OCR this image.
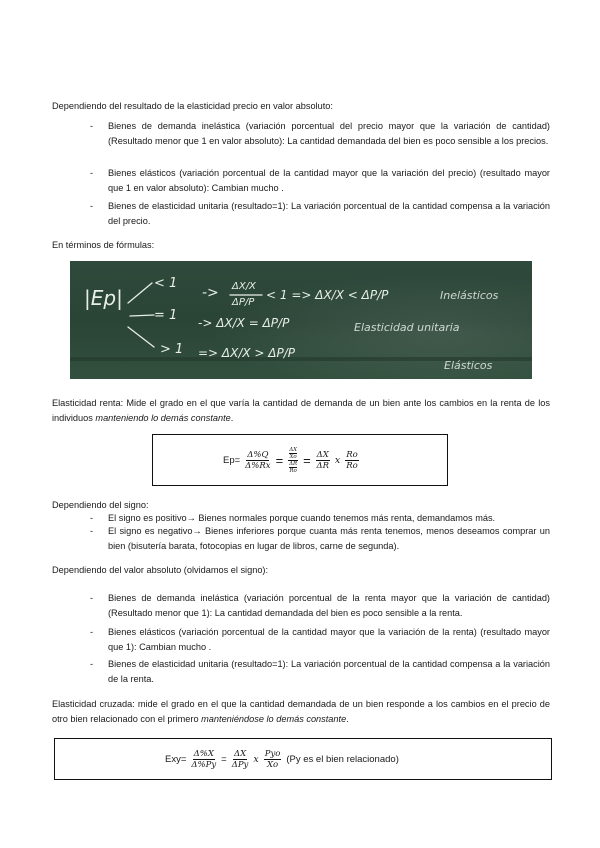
Dependiendo del resultado de la elasticidad precio en valor absoluto:
- Bienes de demanda inelástica (variación porcentual del precio mayor que la variación de cantidad) (Resultado menor que 1 en valor absoluto): La cantidad demandada del bien es poco sensible a los precios.
- Bienes elásticos (variación porcentual de la cantidad mayor que la variación del precio) (resultado mayor que 1 en valor absoluto): Cambian mucho .
- Bienes de elasticidad unitaria (resultado=1): La variación porcentual de la cantidad compensa a la variación del precio.
En términos de fórmulas:
|Ep|
< 1
= 1
> 1
-> ΔX/X
ΔP/P
< 1 => ΔX/X < ΔP/P	Inelásticos
-> ΔX/X = ΔP/P	Elasticidad unitaria
=> ΔX/X > ΔP/P
Elásticos
Elasticidad renta: Mide el grado en el que varía la cantidad de demanda de un bien ante los cambios en la renta de los individuos manteniendo lo demás constante.
$Ep= \frac{\Delta\%Q}{\Delta\%Rx} = \frac{\frac{\Delta X}{Xo}}{\frac{\Delta R}{Ro}} = \frac{\Delta X}{\Delta R}$ x $\frac{Ro}{Ro}$
Dependiendo del signo:
- El signo es positivo→ Bienes normales porque cuando tenemos más renta, demandamos más.
- El signo es negativo→ Bienes inferiores porque cuanta más renta tenemos, menos deseamos comprar un bien (bisutería barata, fotocopias en lugar de libros, carne de segunda).
Dependiendo del valor absoluto (olvidamos el signo):
- Bienes de demanda inelástica (variación porcentual de la renta mayor que la variación de cantidad) (Resultado menor que 1): La cantidad demandada del bien es poco sensible a la renta.
- Bienes elásticos (variación porcentual de la cantidad mayor que la variación de la renta) (resultado mayor que 1): Cambian mucho .
- Bienes de elasticidad unitaria (resultado=1): La variación porcentual de la cantidad compensa a la variación de la renta.
Elasticidad cruzada: mide el grado en el que la cantidad demandada de un bien responde a los cambios en el precio de otro bien relacionado con el primero manteniéndose lo demás constante.
$Exy= \frac{\Delta\%X}{\Delta\%Py} = \frac{\Delta X}{\text{ΔPy}}$ x $\frac{\text{Pyo}}{Xo} (Py$ es el bien relacionado)
